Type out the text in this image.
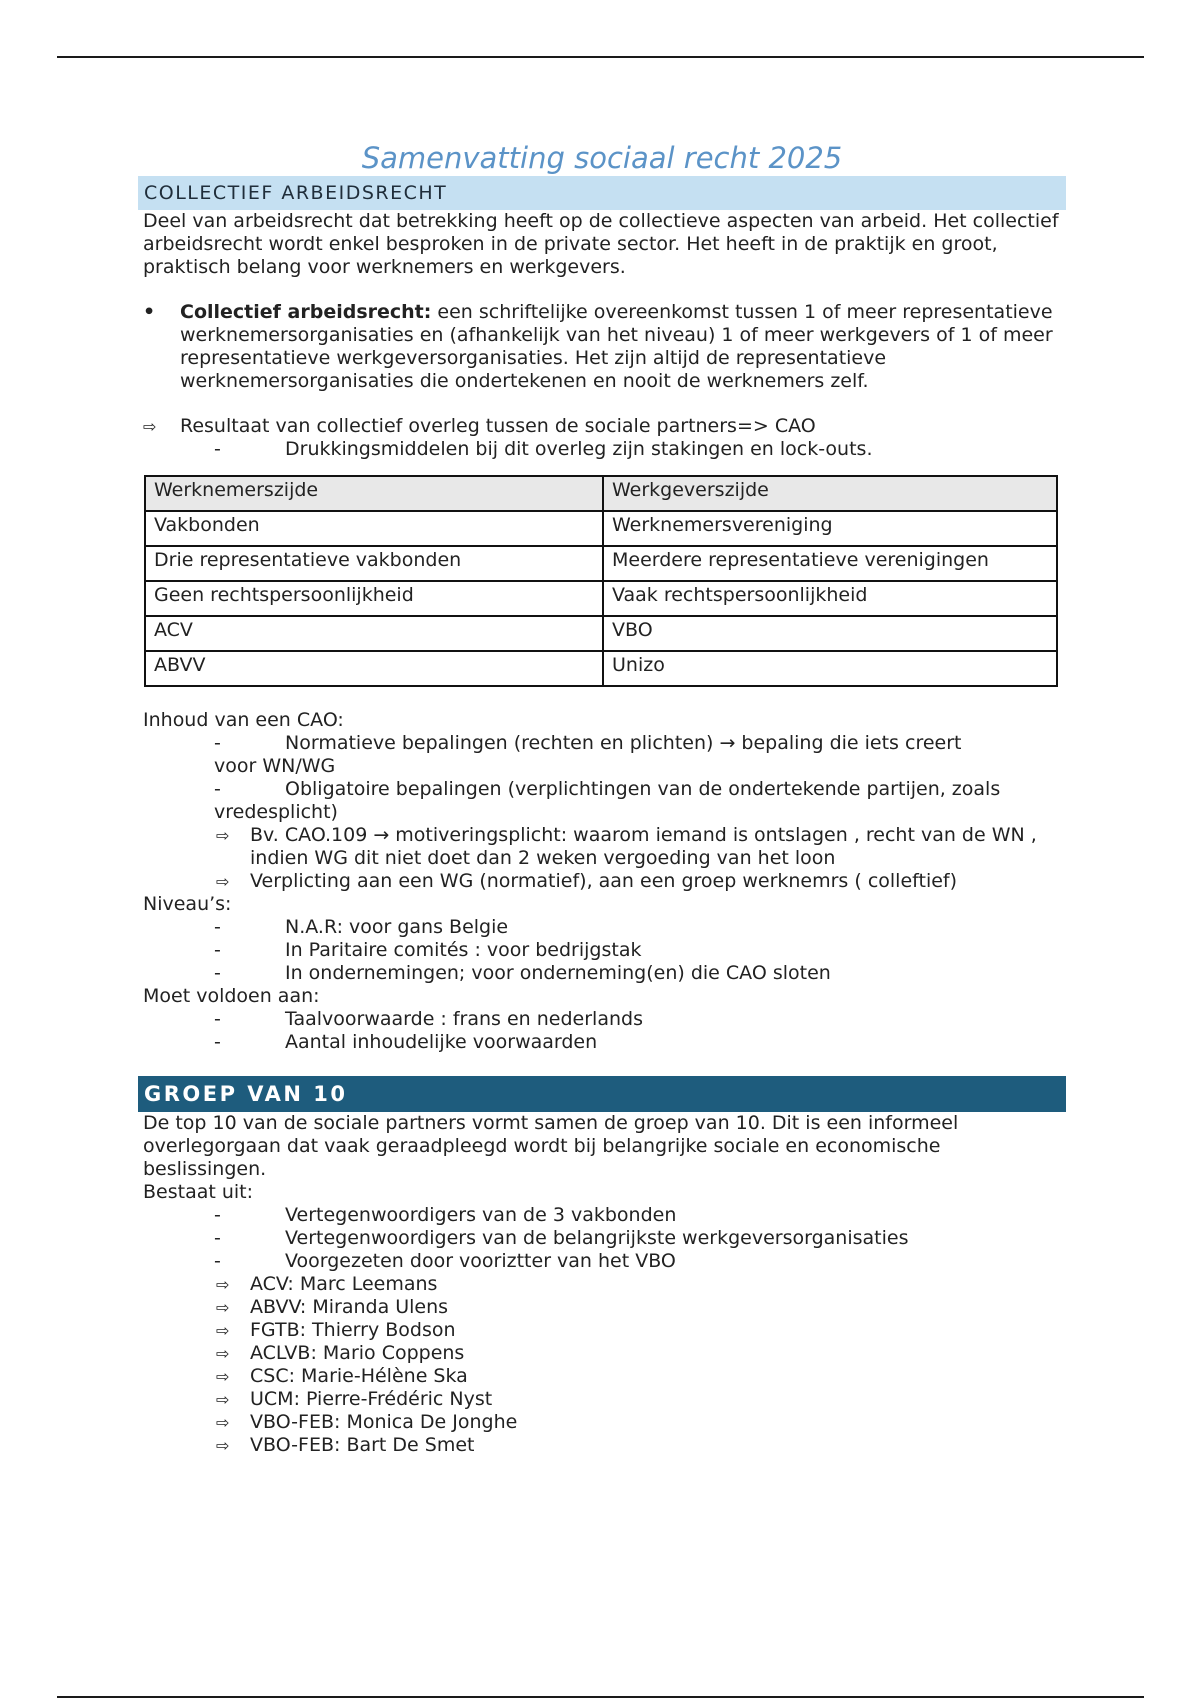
Samenvatting sociaal recht 2025
COLLECTIEF ARBEIDSRECHT
Deel van arbeidsrecht dat betrekking heeft op de collectieve aspecten van arbeid. Het collectief arbeidsrecht wordt enkel besproken in de private sector. Het heeft in de praktijk en groot, praktisch belang voor werknemers en werkgevers.
• Collectief arbeidsrecht: een schriftelijke overeenkomst tussen 1 of meer representatieve werknemersorganisaties en (afhankelijk van het niveau) 1 of meer werkgevers of 1 of meer representatieve werkgeversorganisaties. Het zijn altijd de representatieve werknemersorganisaties die ondertekenen en nooit de werknemers zelf.
⇨ Resultaat van collectief overleg tussen de sociale partners=> CAO
-	Drukkingsmiddelen bij dit overleg zijn stakingen en lock-outs.
Werknemerszijde	Werkgeverszijde
Vakbonden	Werknemersvereniging
Drie representatieve vakbonden	Meerdere representatieve verenigingen
Geen rechtspersoonlijkheid	Vaak rechtspersoonlijkheid
ACV	VBO
ABVV	Unizo
Inhoud van een CAO:
-	Normatieve bepalingen (rechten en plichten) → bepaling die iets creert
voor WN/WG
-	Obligatoire bepalingen (verplichtingen van de ondertekende partijen, zoals
vredesplicht)
⇨ Bv. CAO.109 → motiveringsplicht: waarom iemand is ontslagen , recht van de WN , indien WG dit niet doet dan 2 weken vergoeding van het loon
⇨ Verplicting aan een WG (normatief), aan een groep werknemrs ( colleftief)
Niveau’s:
-	N.A.R: voor gans Belgie
-	In Paritaire comités : voor bedrijgstak
-	In ondernemingen; voor onderneming(en) die CAO sloten
Moet voldoen aan:
-	Taalvoorwaarde : frans en nederlands
-	Aantal inhoudelijke voorwaarden
GROEP VAN 10
De top 10 van de sociale partners vormt samen de groep van 10. Dit is een informeel overlegorgaan dat vaak geraadpleegd wordt bij belangrijke sociale en economische beslissingen.
Bestaat uit:
-	Vertegenwoordigers van de 3 vakbonden
-	Vertegenwoordigers van de belangrijkste werkgeversorganisaties
-	Voorgezeten door vooriztter van het VBO
⇨ ACV: Marc Leemans
⇨ ABVV: Miranda Ulens
⇨ FGTB: Thierry Bodson
⇨ ACLVB: Mario Coppens
⇨ CSC: Marie-Hélène Ska
⇨ UCM: Pierre-Frédéric Nyst
⇨ VBO-FEB: Monica De Jonghe
⇨ VBO-FEB: Bart De Smet
